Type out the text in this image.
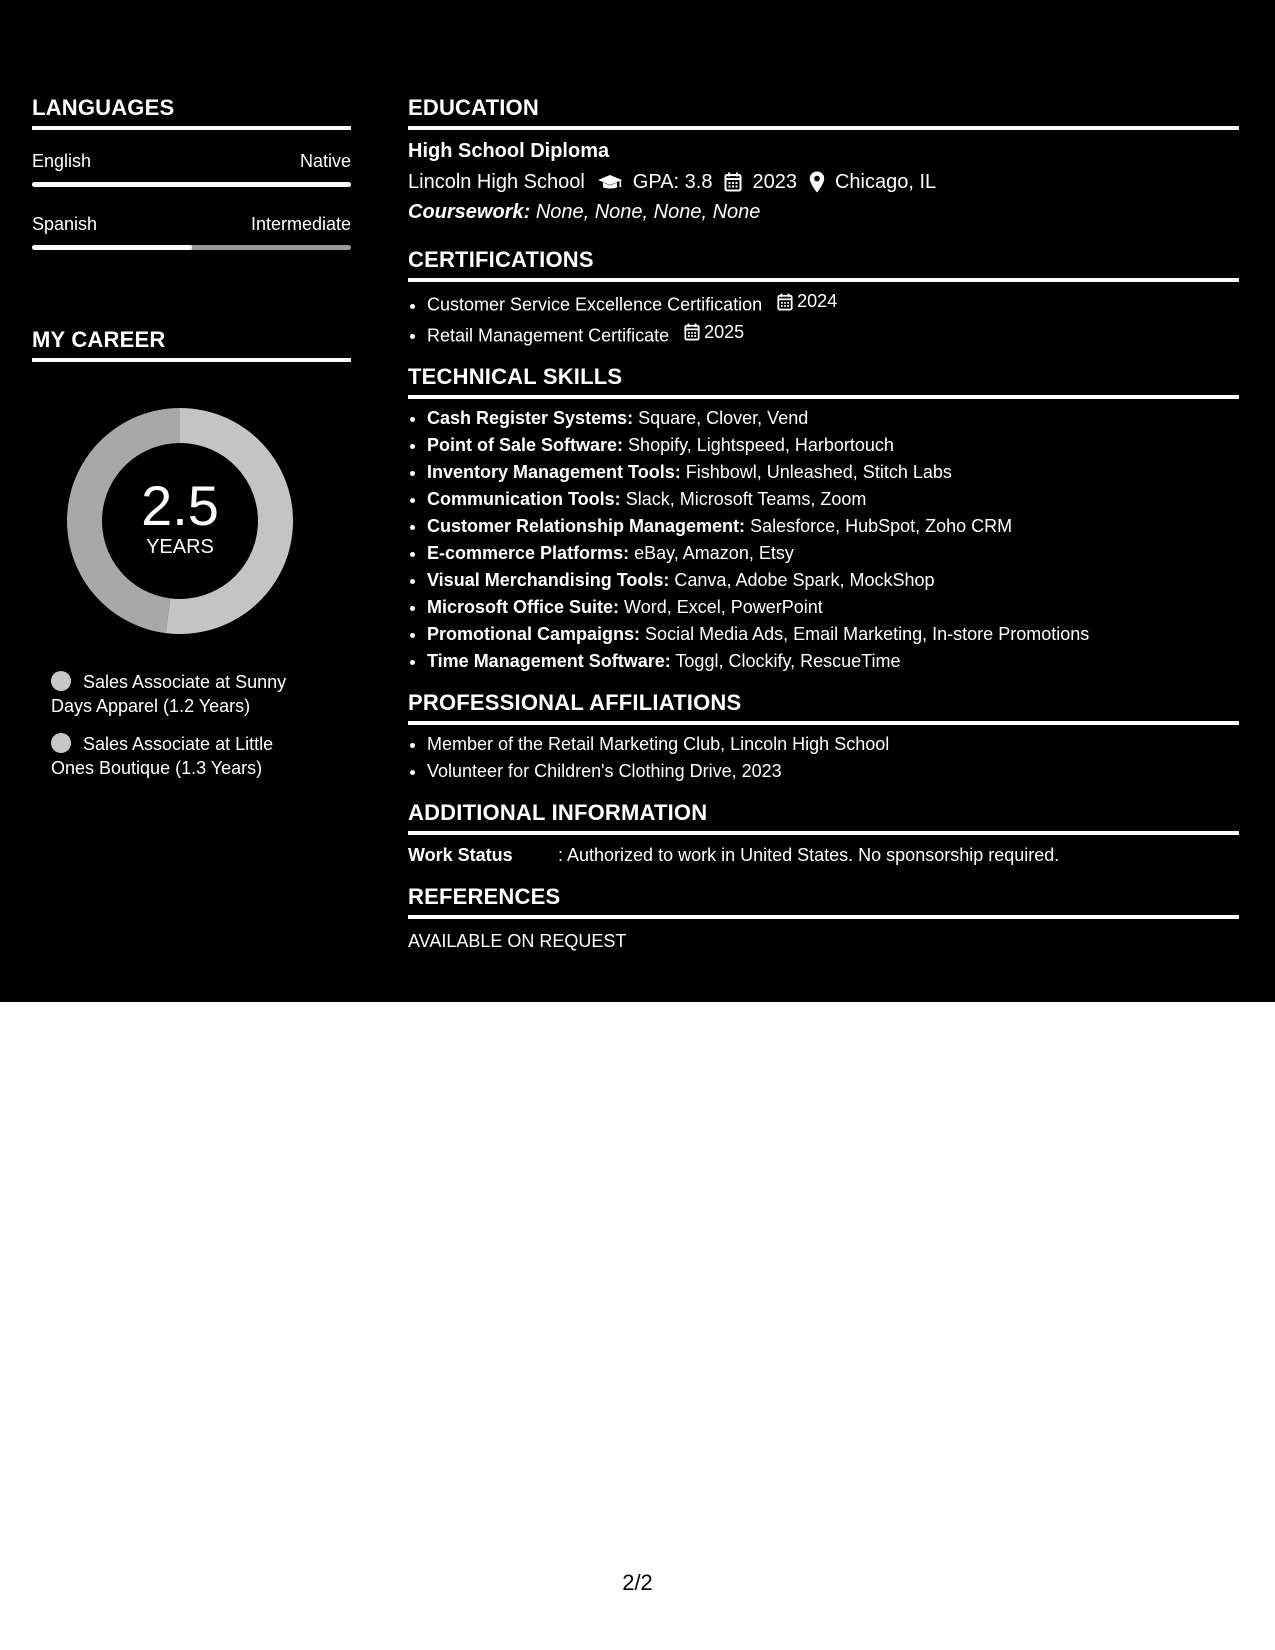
LANGUAGES
English	Native
Spanish	Intermediate
MY CAREER
2.5
YEARS
Sales Associate at Sunny Days Apparel (1.2 Years)
Sales Associate at Little Ones Boutique (1.3 Years)
EDUCATION
High School Diploma
Lincoln High School GPA: 3.8 2023 Chicago, IL
Coursework: None, None, None, None
CERTIFICATIONS
• Customer Service Excellence Certification 2024
• Retail Management Certificate 2025
TECHNICAL SKILLS
• Cash Register Systems: Square, Clover, Vend
• Point of Sale Software: Shopify, Lightspeed, Harbortouch
• Inventory Management Tools: Fishbowl, Unleashed, Stitch Labs
• Communication Tools: Slack, Microsoft Teams, Zoom
• Customer Relationship Management: Salesforce, HubSpot, Zoho CRM
• E-commerce Platforms: eBay, Amazon, Etsy
• Visual Merchandising Tools: Canva, Adobe Spark, MockShop
• Microsoft Office Suite: Word, Excel, PowerPoint
• Promotional Campaigns: Social Media Ads, Email Marketing, In-store Promotions
• Time Management Software: Toggl, Clockify, RescueTime
PROFESSIONAL AFFILIATIONS
• Member of the Retail Marketing Club, Lincoln High School
• Volunteer for Children's Clothing Drive, 2023
ADDITIONAL INFORMATION
Work Status	: Authorized to work in United States. No sponsorship required.
REFERENCES
AVAILABLE ON REQUEST
2/2
